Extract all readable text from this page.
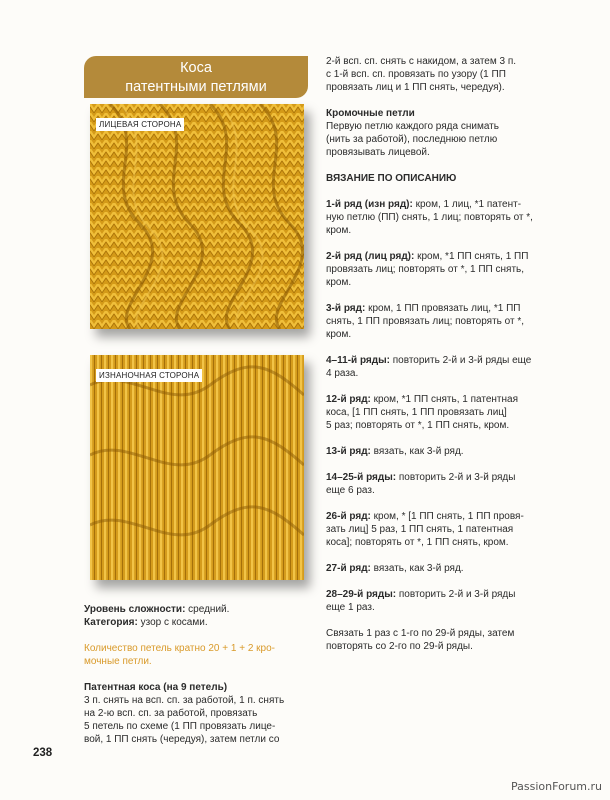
Коса
патентными петлями
ЛИЦЕВАЯ СТОРОНА
ИЗНАНОЧНАЯ СТОРОНА

Уровень сложности: средний.

Категория: узор с косами.

Количество петель кратно 20 + 1 + 2 кро-

мочные петли.

Патентная коса (на 9 петель)

3 п. снять на всп. сп. за работой, 1 п. снять

на 2-ю всп. сп. за работой, провязать

5 петель по схеме (1 ПП провязать лице-

вой, 1 ПП снять (чередуя), затем петли со

2-й всп. сп. снять с накидом, а затем 3 п.

с 1-й всп. сп. провязать по узору (1 ПП

провязать лиц и 1 ПП снять, чередуя).

Кромочные петли

Первую петлю каждого ряда снимать

(нить за работой), последнюю петлю

провязывать лицевой.

ВЯЗАНИЕ ПО ОПИСАНИЮ

1-й ряд (изн ряд): кром, 1 лиц, *1 патент-

ную петлю (ПП) снять, 1 лиц; повторять от *,

кром.

2-й ряд (лиц ряд): кром, *1 ПП снять, 1 ПП

провязать лиц; повторять от *, 1 ПП снять,

кром.

3-й ряд: кром, 1 ПП провязать лиц, *1 ПП

снять, 1 ПП провязать лиц; повторять от *,

кром.

4–11-й ряды: повторить 2-й и 3-й ряды еще

4 раза.

12-й ряд: кром, *1 ПП снять, 1 патентная

коса, [1 ПП снять, 1 ПП провязать лиц]

5 раз; повторять от *, 1 ПП снять, кром.

13-й ряд: вязать, как 3-й ряд.

14–25-й ряды: повторить 2-й и 3-й ряды

еще 6 раз.

26-й ряд: кром, * [1 ПП снять, 1 ПП провя-

зать лиц] 5 раз, 1 ПП снять, 1 патентная

коса]; повторять от *, 1 ПП снять, кром.

27-й ряд: вязать, как 3-й ряд.

28–29-й ряды: повторить 2-й и 3-й ряды

еще 1 раз.

Связать 1 раз с 1-го по 29-й ряды, затем

повторять со 2-го по 29-й ряды.

238
PassionForum.ru
